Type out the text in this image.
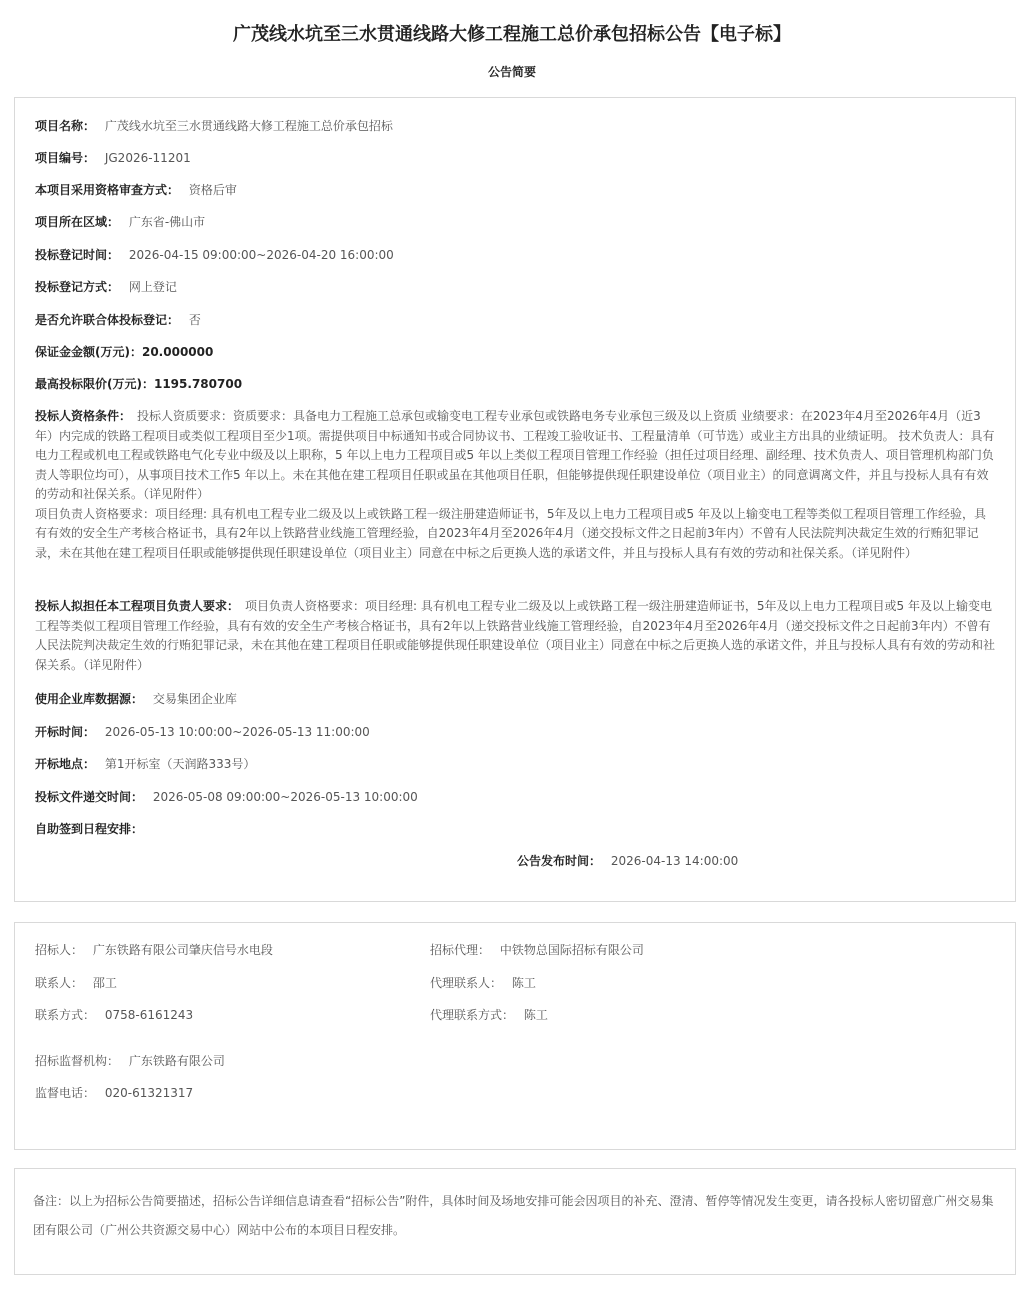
广茂线水坑至三水贯通线路大修工程施工总价承包招标公告【电子标】
公告简要
项目名称： 广茂线水坑至三水贯通线路大修工程施工总价承包招标
项目编号： JG2026-11201
本项目采用资格审查方式： 资格后审
项目所在区域： 广东省-佛山市
投标登记时间： 2026-04-15 09:00:00~2026-04-20 16:00:00
投标登记方式： 网上登记
是否允许联合体投标登记： 否
保证金金额(万元)：20.000000
最高投标限价(万元)：1195.780700
投标人资格条件： 投标人资质要求：资质要求：具备电力工程施工总承包或输变电工程专业承包或铁路电务专业承包三级及以上资质 业绩要求：在2023年4月至2026年4月（近3年）内完成的铁路工程项目或类似工程项目至少1项。需提供项目中标通知书或合同协议书、工程竣工验收证书、工程量清单（可节选）或业主方出具的业绩证明。 技术负责人：具有电力工程或机电工程或铁路电气化专业中级及以上职称，5 年以上电力工程项目或5 年以上类似工程项目管理工作经验（担任过项目经理、副经理、技术负责人、项目管理机构部门负责人等职位均可），从事项目技术工作5 年以上。未在其他在建工程项目任职或虽在其他项目任职，但能够提供现任职建设单位（项目业主）的同意调离文件，并且与投标人具有有效的劳动和社保关系。（详见附件）
项目负责人资格要求：项目经理: 具有机电工程专业二级及以上或铁路工程一级注册建造师证书，5年及以上电力工程项目或5 年及以上输变电工程等类似工程项目管理工作经验，具有有效的安全生产考核合格证书，具有2年以上铁路营业线施工管理经验，自2023年4月至2026年4月（递交投标文件之日起前3年内）不曾有人民法院判决裁定生效的行贿犯罪记录，未在其他在建工程项目任职或能够提供现任职建设单位（项目业主）同意在中标之后更换人选的承诺文件，并且与投标人具有有效的劳动和社保关系。（详见附件）
投标人拟担任本工程项目负责人要求： 项目负责人资格要求：项目经理: 具有机电工程专业二级及以上或铁路工程一级注册建造师证书，5年及以上电力工程项目或5 年及以上输变电工程等类似工程项目管理工作经验，具有有效的安全生产考核合格证书，具有2年以上铁路营业线施工管理经验，自2023年4月至2026年4月（递交投标文件之日起前3年内）不曾有人民法院判决裁定生效的行贿犯罪记录，未在其他在建工程项目任职或能够提供现任职建设单位（项目业主）同意在中标之后更换人选的承诺文件，并且与投标人具有有效的劳动和社保关系。（详见附件）
使用企业库数据源： 交易集团企业库
开标时间： 2026-05-13 10:00:00~2026-05-13 11:00:00
开标地点： 第1开标室（天润路333号）
投标文件递交时间： 2026-05-08 09:00:00~2026-05-13 10:00:00
自助签到日程安排：
公告发布时间： 2026-04-13 14:00:00
招标人： 广东铁路有限公司肇庆信号水电段	招标代理： 中铁物总国际招标有限公司
联系人： 邵工	代理联系人： 陈工
联系方式： 0758-6161243	代理联系方式： 陈工
招标监督机构： 广东铁路有限公司
监督电话： 020-61321317
备注：以上为招标公告简要描述，招标公告详细信息请查看“招标公告”附件，具体时间及场地安排可能会因项目的补充、澄清、暂停等情况发生变更，请各投标人密切留意广州交易集团有限公司（广州公共资源交易中心）网站中公布的本项目日程安排。
